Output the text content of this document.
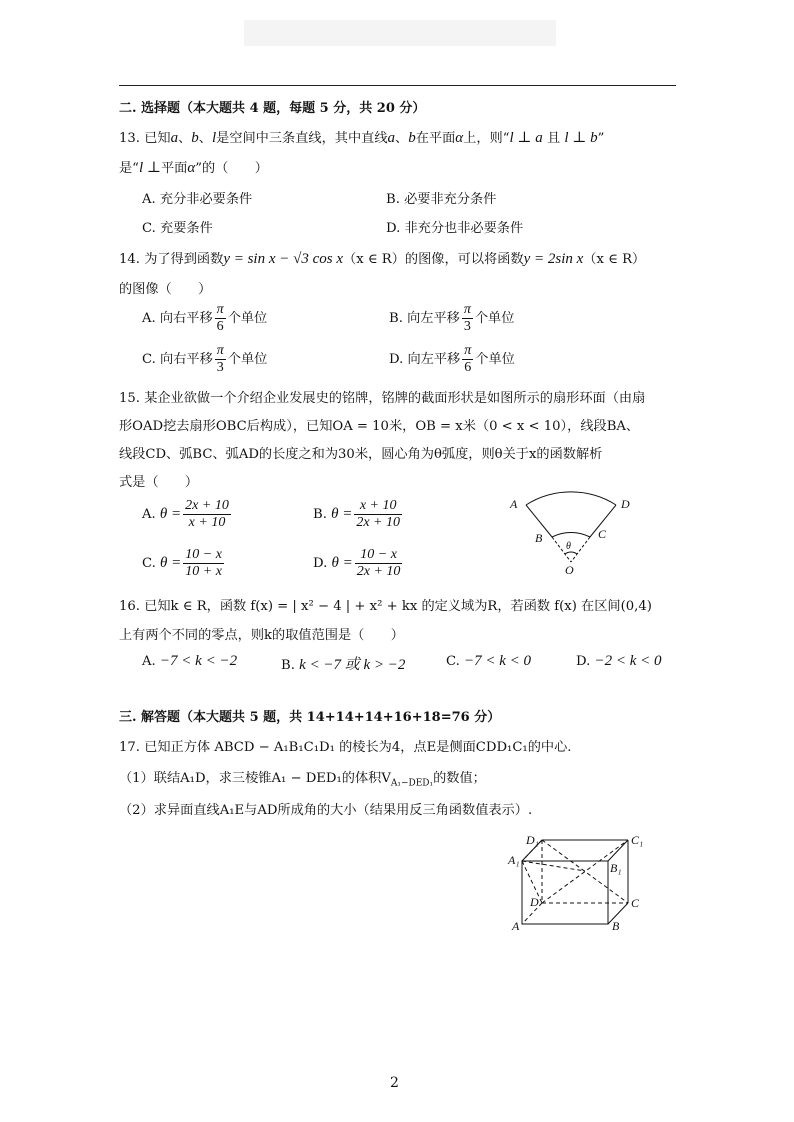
二. 选择题（本大题共 4 题，每题 5 分，共 20 分）
13. 已知a、b、l是空间中三条直线，其中直线a、b在平面α上，则“l ⊥ a 且 l ⊥ b”
是“l ⊥平面α”的（　　）
A. 充分非必要条件	B. 必要非充分条件
C. 充要条件	D. 非充分也非必要条件
14. 为了得到函数y = sin x − √3 cos x（x ∈ R）的图像，可以将函数y = 2sin x（x ∈ R）
的图像（　　）
A. 向右平移 $\frac{\pi}{6}$ 个单位	B. 向左平移 $\frac{\pi}{3}$ 个单位
C. 向右平移 $\frac{\pi}{3}$ 个单位	D. 向左平移 $\frac{\pi}{6}$ 个单位
15. 某企业欲做一个介绍企业发展史的铭牌，铭牌的截面形状是如图所示的扇形环面（由扇
形OAD挖去扇形OBC后构成），已知OA = 10米，OB = x米（0 < x < 10），线段BA、
线段CD、弧BC、弧AD的长度之和为30米，圆心角为θ弧度，则θ关于x的函数解析
式是（　　）
A. $\theta = \frac{2x + 10}{x + 10}$	B. $\theta = \frac{x + 10}{2x + 10}$
C. $\theta = \frac{10 - x}{10 + x}$	D. $\theta = \frac{10 - x}{2x + 10}$
A	D
B	C
θ
O
16. 已知k ∈ R，函数 f(x) = | x² − 4 | + x² + kx 的定义域为R，若函数 f(x) 在区间(0,4)
上有两个不同的零点，则k的取值范围是（　　）
A. −7 < k < −2	B. k < −7 或 k > −2	C. −7 < k < 0	D. −2 < k < 0
三. 解答题（本大题共 5 题，共 14+14+14+16+18=76 分）
17. 已知正方体 ABCD − A₁B₁C₁D₁ 的棱长为4，点E是侧面CDD₁C₁的中心.
（1）联结A₁D，求三棱锥A₁ − DED₁的体积$V_{A_1-DED_1}$的数值；
（2）求异面直线A₁E与AD所成角的大小（结果用反三角函数值表示）.
D₁	C₁
A₁
B₁
D	C
A	B
2
